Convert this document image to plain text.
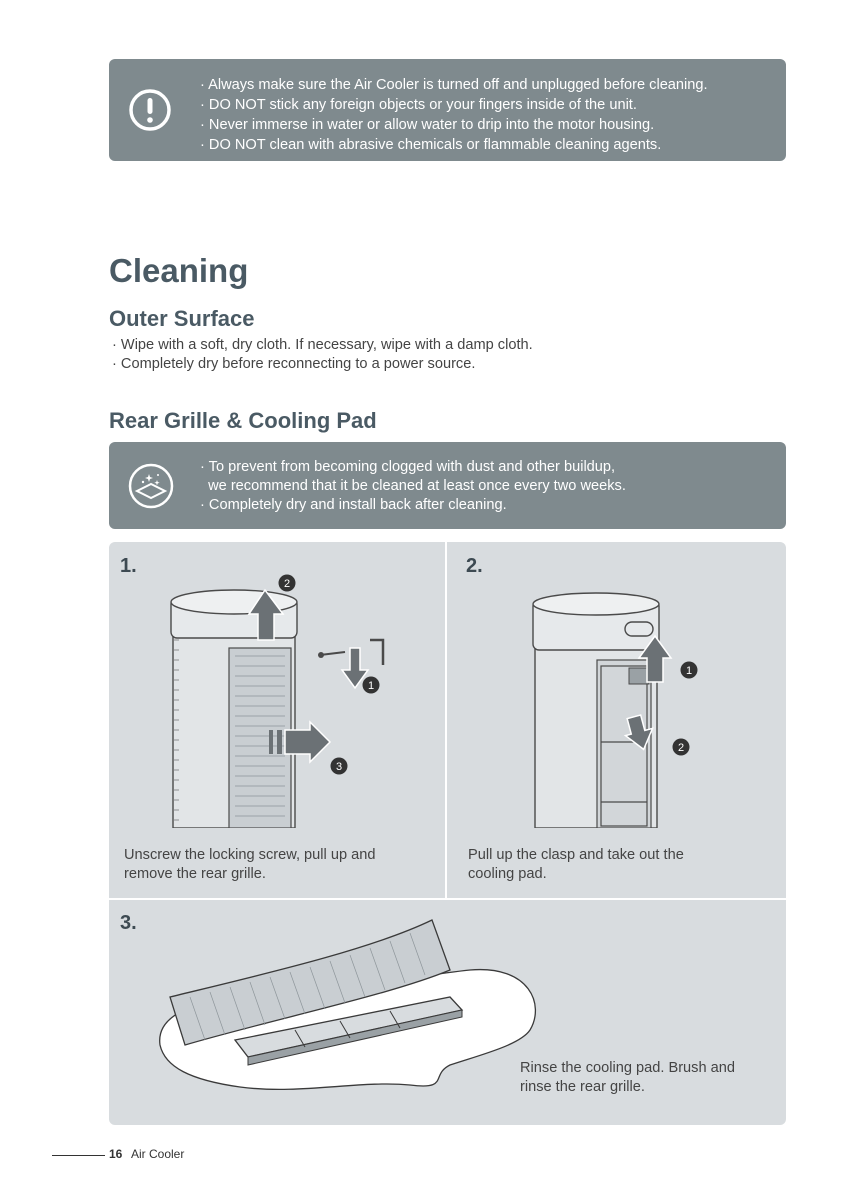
· Always make sure the Air Cooler is turned off and unplugged before cleaning.
· DO NOT stick any foreign objects or your fingers inside of the unit.
· Never immerse in water or allow water to drip into the motor housing.
· DO NOT clean with abrasive chemicals or flammable cleaning agents.
Cleaning
Outer Surface
· Wipe with a soft, dry cloth. If necessary, wipe with a damp cloth.
· Completely dry before reconnecting to a power source.
Rear Grille & Cooling Pad
· To prevent from becoming clogged with dust and other buildup,
we recommend that it be cleaned at least once every two weeks.
· Completely dry and install back after cleaning.
1.
2
1
3
Unscrew the locking screw, pull up and
remove the rear grille.
2.
1
2
Pull up the clasp and take out the
cooling pad.
3.
Rinse the cooling pad. Brush and
rinse the rear grille.
16 Air Cooler
